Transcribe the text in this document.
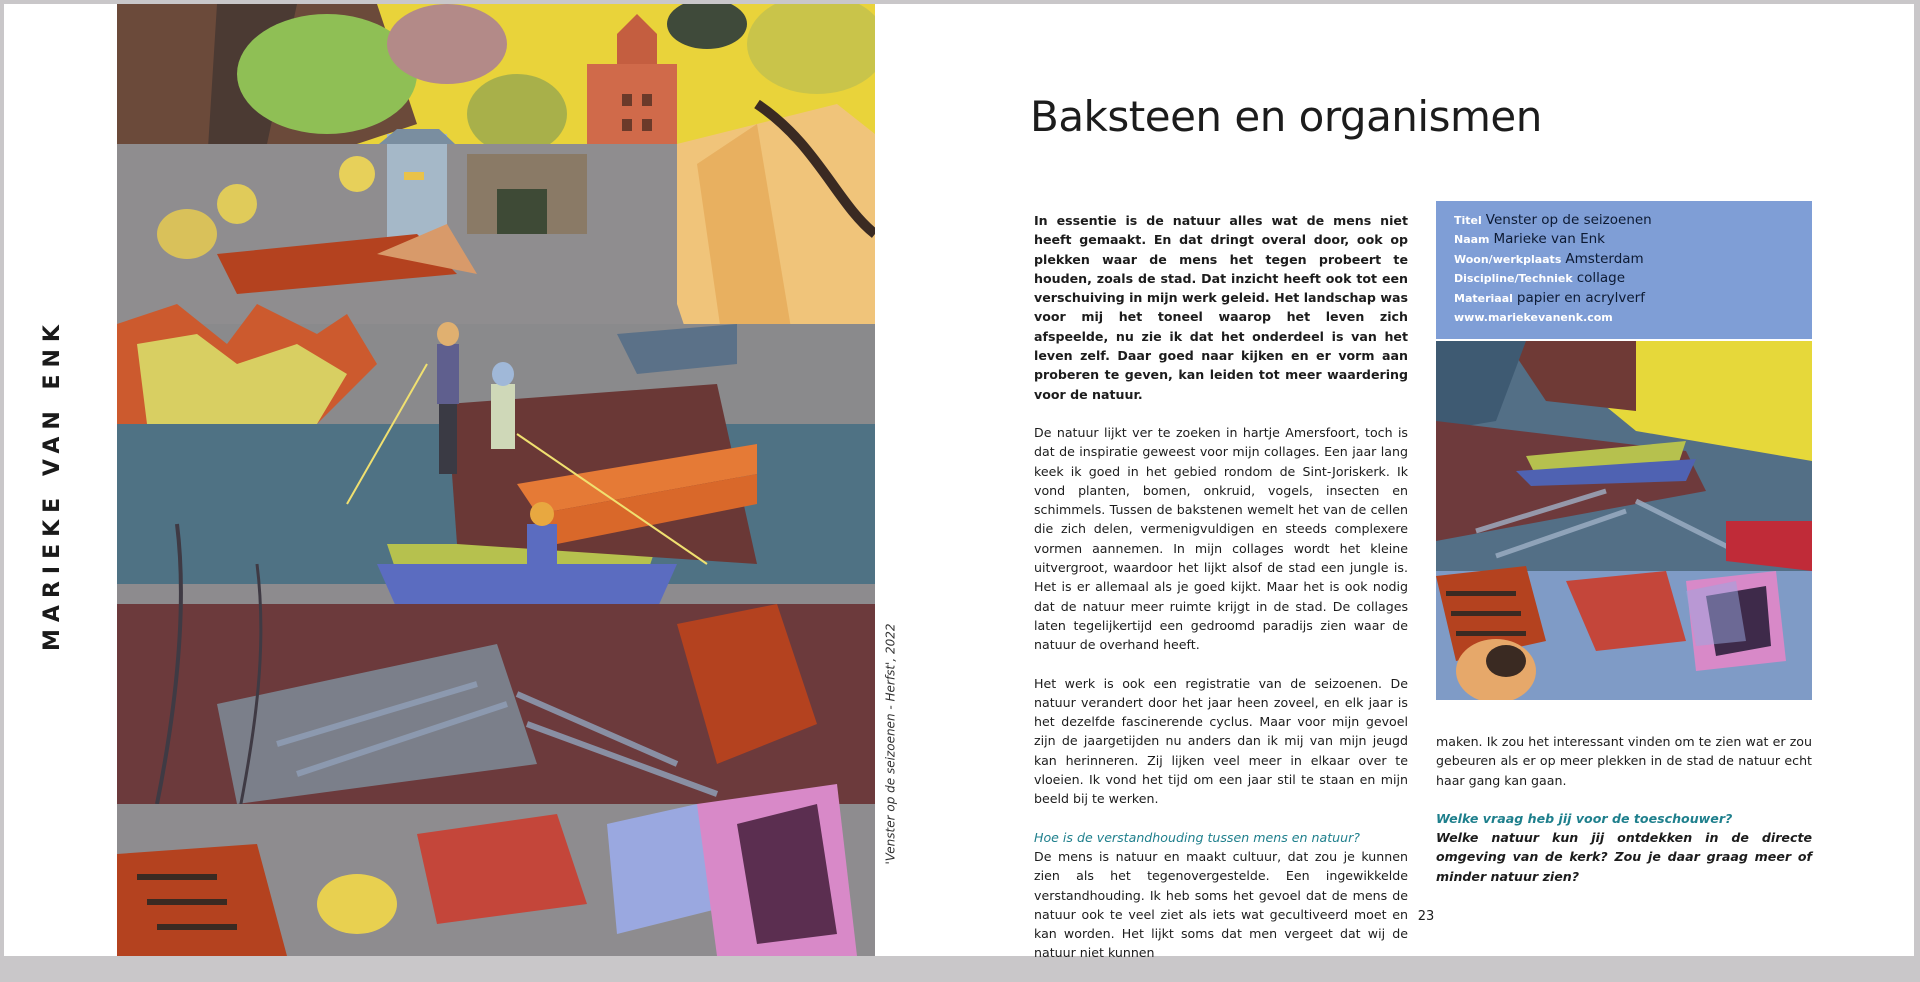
MARIEKE VAN ENK
'Venster op de seizoenen - Herfst', 2022
Baksteen en organismen

In essentie is de natuur alles wat de mens niet heeft gemaakt. En dat dringt overal door, ook op plekken waar de mens het tegen probeert te houden, zoals de stad. Dat inzicht heeft ook tot een verschuiving in mijn werk geleid. Het landschap was voor mij het toneel waarop het leven zich afspeelde, nu zie ik dat het onderdeel is van het leven zelf. Daar goed naar kijken en er vorm aan proberen te geven, kan leiden tot meer waardering voor de natuur.

De natuur lijkt ver te zoeken in hartje Amersfoort, toch is dat de inspiratie geweest voor mijn collages. Een jaar lang keek ik goed in het gebied rondom de Sint-Joriskerk. Ik vond planten, bomen, onkruid, vogels, insecten en schimmels. Tussen de bakstenen wemelt het van de cellen die zich delen, vermenigvuldigen en steeds complexere vormen aannemen. In mijn collages wordt het kleine uitvergroot, waardoor het lijkt alsof de stad een jungle is. Het is er allemaal als je goed kijkt. Maar het is ook nodig dat de natuur meer ruimte krijgt in de stad. De collages laten tegelijkertijd een gedroomd paradijs zien waar de natuur de overhand heeft.

Het werk is ook een registratie van de seizoenen. De natuur verandert door het jaar heen zoveel, en elk jaar is het dezelfde fascinerende cyclus. Maar voor mijn gevoel zijn de jaargetijden nu anders dan ik mij van mijn jeugd kan herinneren. Zij lijken veel meer in elkaar over te vloeien. Ik vond het tijd om een jaar stil te staan en mijn beeld bij te werken.

Hoe is de verstandhouding tussen mens en natuur?

De mens is natuur en maakt cultuur, dat zou je kunnen zien als het tegenovergestelde. Een ingewikkelde verstandhouding. Ik heb soms het gevoel dat de mens de natuur ook te veel ziet als iets wat gecultiveerd moet en kan worden. Het lijkt soms dat men vergeet dat wij de natuur niet kunnen

Titel Venster op de seizoenen
Naam Marieke van Enk
Woon/werkplaats Amsterdam
Discipline/Techniek collage
Materiaal papier en acrylverf
www.mariekevanenk.com

maken. Ik zou het interessant vinden om te zien wat er zou gebeuren als er op meer plekken in de stad de natuur echt haar gang kan gaan.

Welke vraag heb jij voor de toeschouwer?

Welke natuur kun jij ontdekken in de directe omgeving van de kerk? Zou je daar graag meer of minder natuur zien?

23
